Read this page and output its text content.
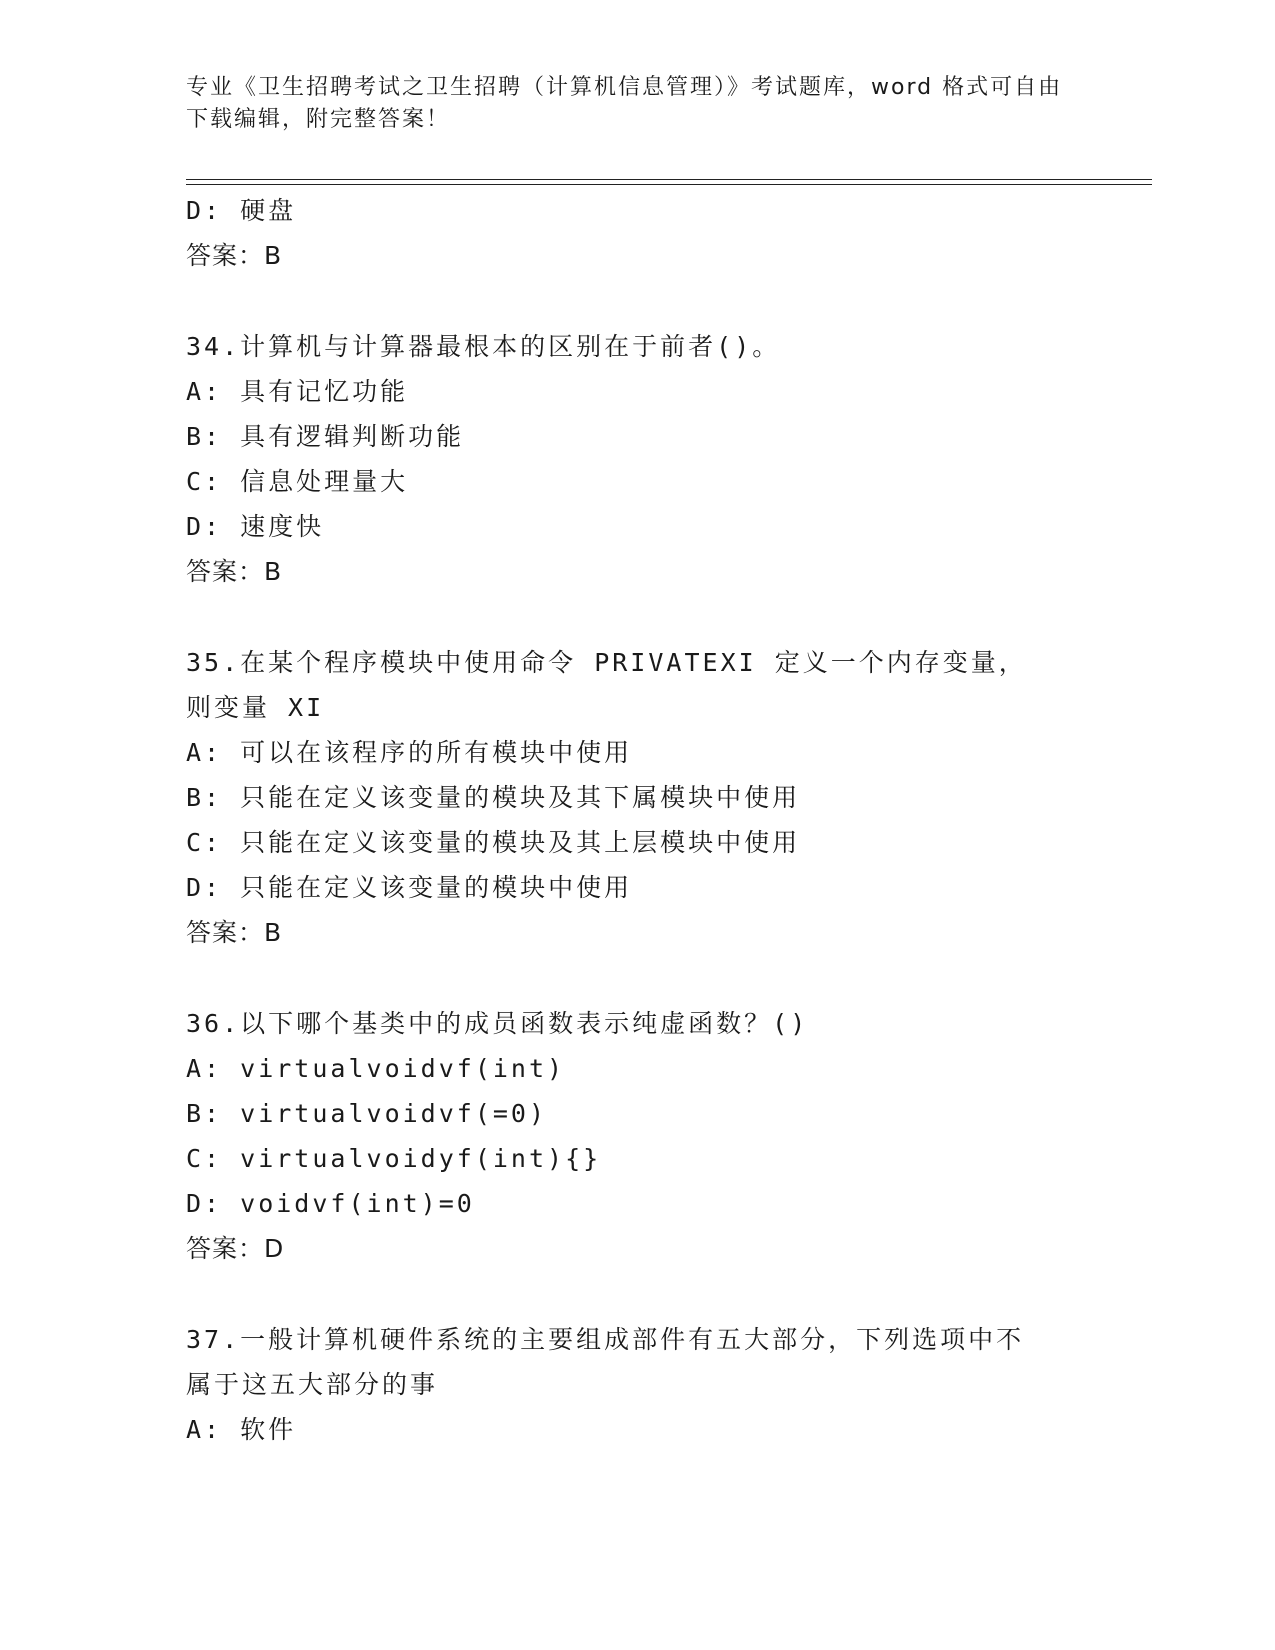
专业《卫生招聘考试之卫生招聘（计算机信息管理）》考试题库，word 格式可自由下载编辑，附完整答案！
D: 硬盘
答案：B
34.计算机与计算器最根本的区别在于前者()。
A: 具有记忆功能
B: 具有逻辑判断功能
C: 信息处理量大
D: 速度快
答案：B
35.在某个程序模块中使用命令 PRIVATEXI 定义一个内存变量，则变量 XI
A: 可以在该程序的所有模块中使用
B: 只能在定义该变量的模块及其下属模块中使用
C: 只能在定义该变量的模块及其上层模块中使用
D: 只能在定义该变量的模块中使用
答案：B
36.以下哪个基类中的成员函数表示纯虚函数？()
A: virtualvoidvf(int)
B: virtualvoidvf(=0)
C: virtualvoidyf(int){}
D: voidvf(int)=0
答案：D
37.一般计算机硬件系统的主要组成部件有五大部分，下列选项中不属于这五大部分的事
A: 软件
